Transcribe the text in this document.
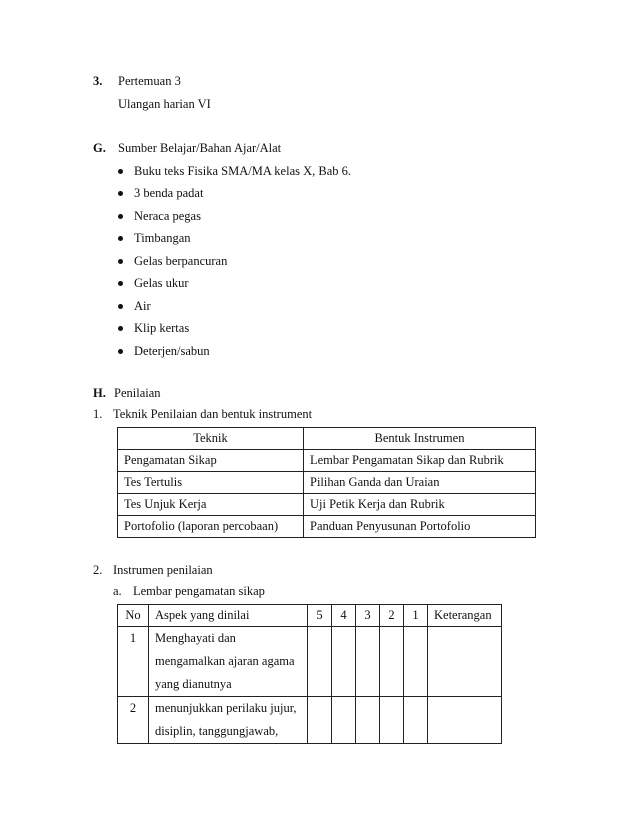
3. Pertemuan 3
Ulangan harian VI
G. Sumber Belajar/Bahan Ajar/Alat
Buku teks Fisika SMA/MA kelas X, Bab 6.
3 benda padat
Neraca pegas
Timbangan
Gelas berpancuran
Gelas ukur
Air
Klip kertas
Deterjen/sabun
H. Penilaian
1. Teknik Penilaian dan bentuk instrument
Teknik	Bentuk Instrumen
Pengamatan Sikap	Lembar Pengamatan Sikap dan Rubrik
Tes Tertulis	Pilihan Ganda dan Uraian
Tes Unjuk Kerja	Uji Petik Kerja dan Rubrik
Portofolio (laporan percobaan)	Panduan Penyusunan Portofolio
2. Instrumen penilaian
a. Lembar pengamatan sikap
No	Aspek yang dinilai	5	4	3	2	1	Keterangan
1	Menghayati dan
mengamalkan ajaran agama
yang dianutnya						

2	menunjukkan perilaku jujur,
disiplin, tanggungjawab,						
